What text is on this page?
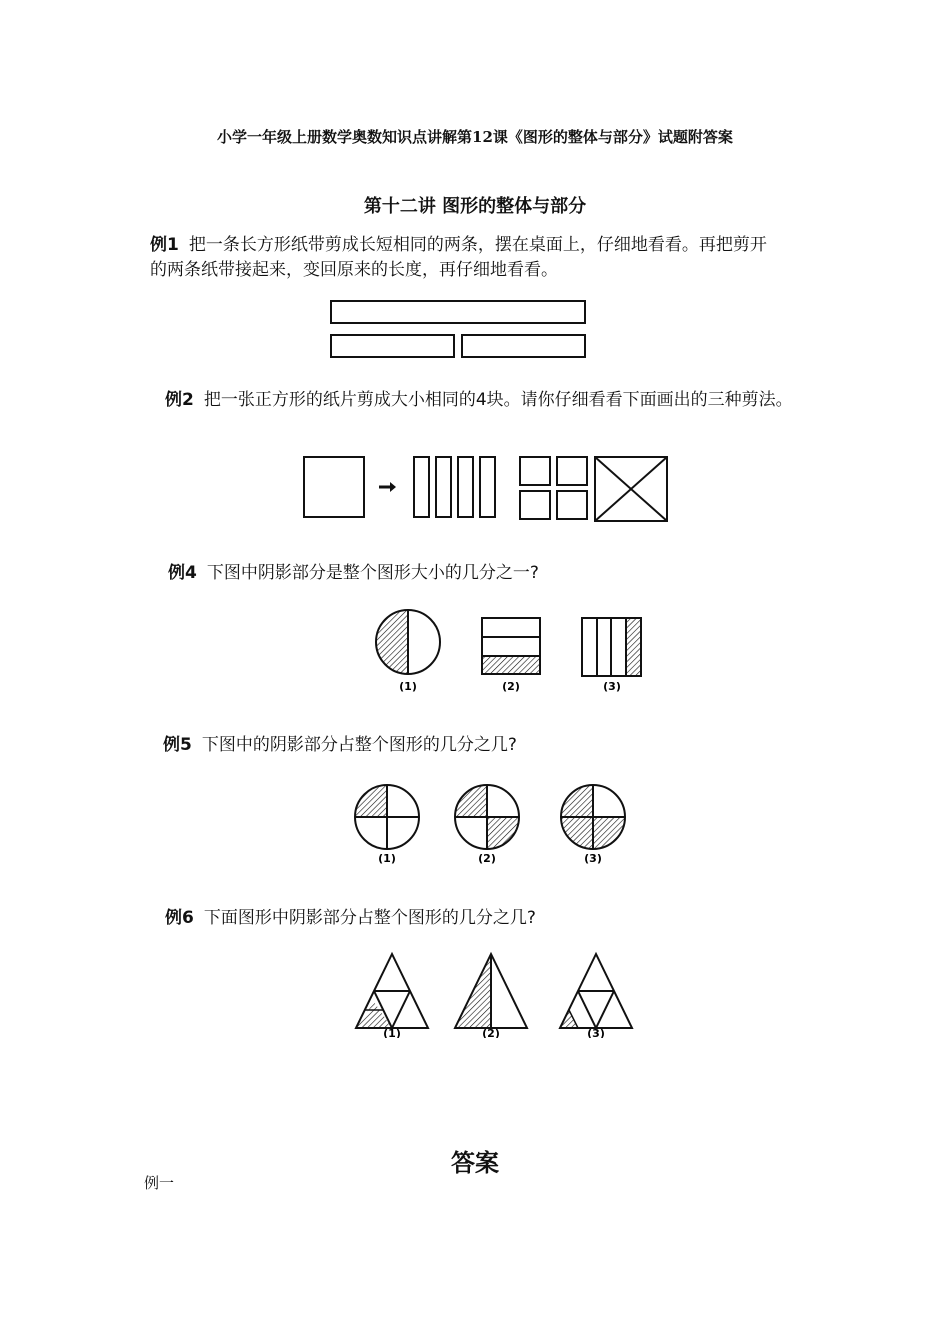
小学一年级上册数学奥数知识点讲解第12课《图形的整体与部分》试题附答案
第十二讲 图形的整体与部分
例1 把一条长方形纸带剪成长短相同的两条，摆在桌面上，仔细地看看。再把剪开的两条纸带接起来，变回原来的长度，再仔细地看看。
例2 把一张正方形的纸片剪成大小相同的4块。请你仔细看看下面画出的三种剪法。
例4 下图中阴影部分是整个图形大小的几分之一?
(1)	(2)	(3)
例5 下图中的阴影部分占整个图形的几分之几?
(1)	(2)	(3)
例6 下面图形中阴影部分占整个图形的几分之几?
(1)	(2)	(3)
答案
例一
